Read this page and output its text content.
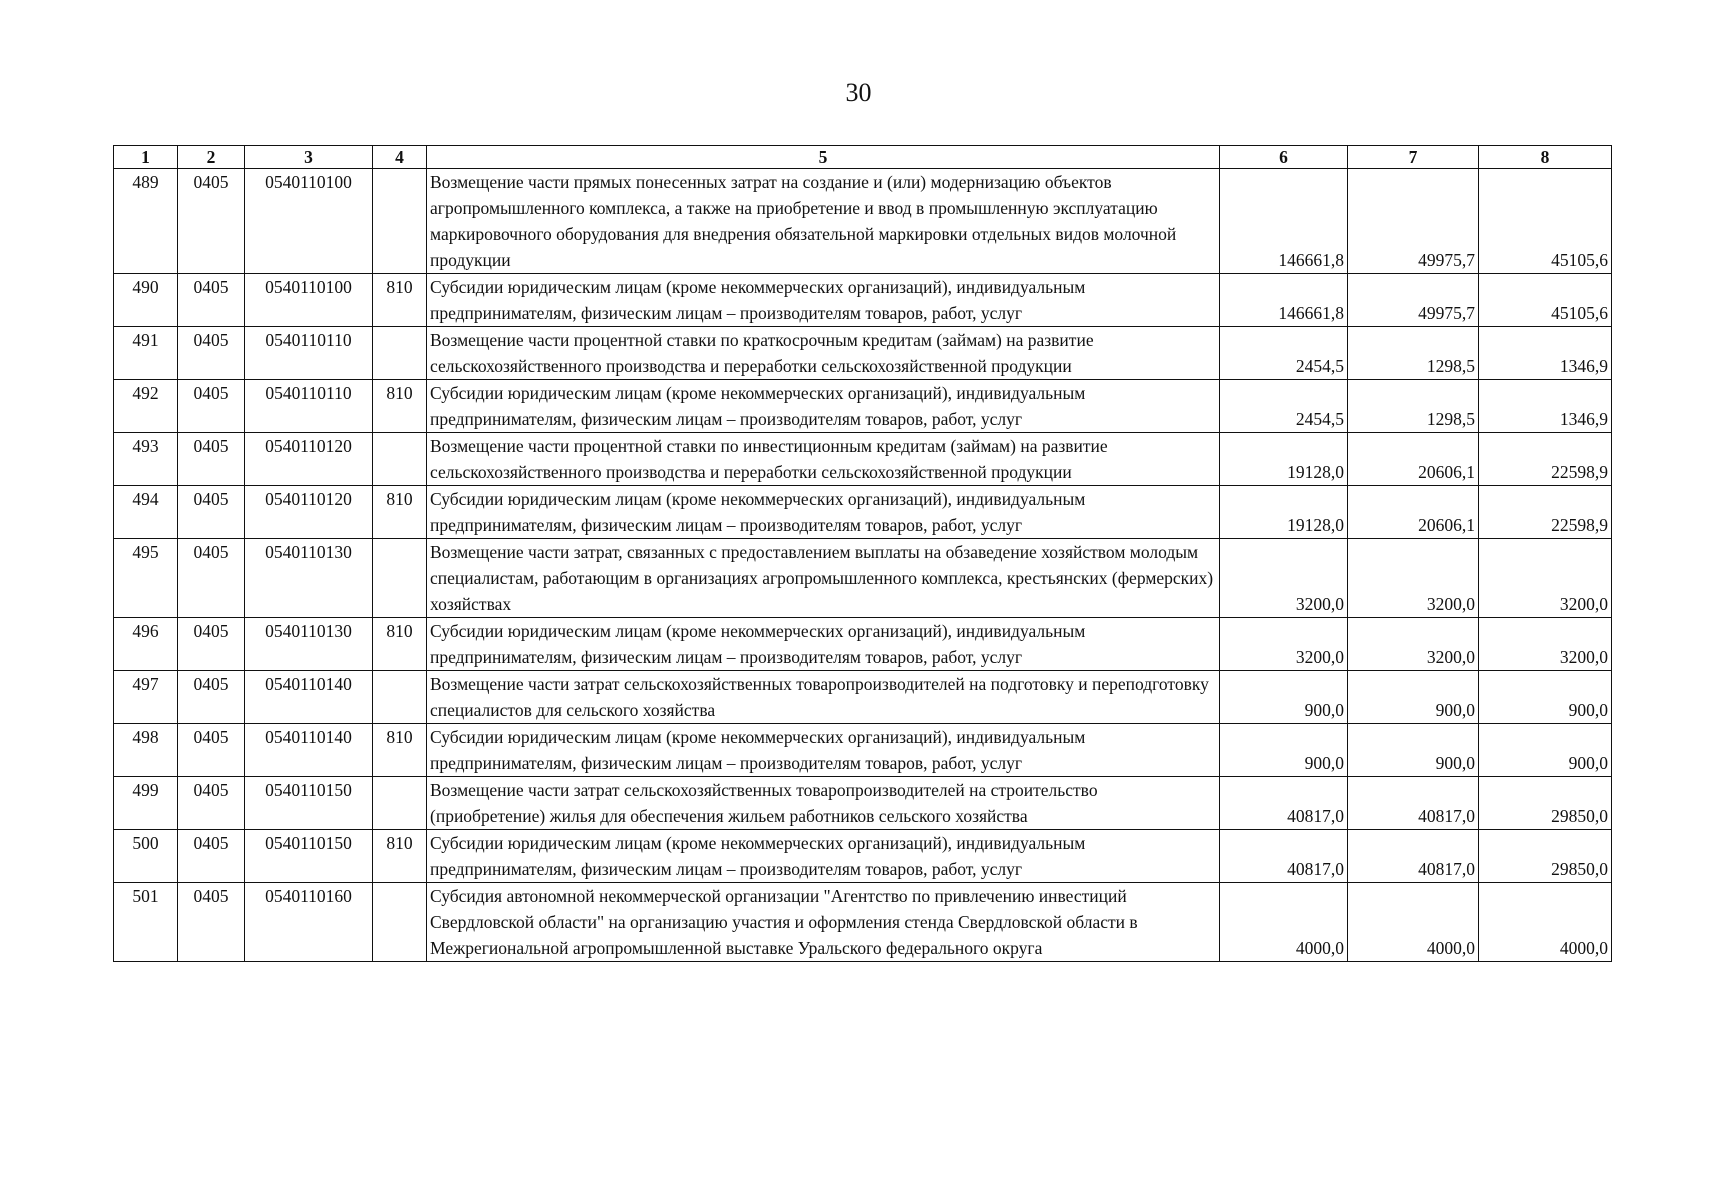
30
1	2	3	4	5	6	7	8
489	0405	0540110100		Возмещение части прямых понесенных затрат на создание и (или) модернизацию объектов агропромышленного комплекса, а также на приобретение и ввод в промышленную эксплуатацию маркировочного оборудования для внедрения обязательной маркировки отдельных видов молочной продукции	146661,8	49975,7	45105,6
490	0405	0540110100	810	Субсидии юридическим лицам (кроме некоммерческих организаций), индивидуальным предпринимателям, физическим лицам – производителям товаров, работ, услуг	146661,8	49975,7	45105,6
491	0405	0540110110		Возмещение части процентной ставки по краткосрочным кредитам (займам) на развитие сельскохозяйственного производства и переработки сельскохозяйственной продукции	2454,5	1298,5	1346,9
492	0405	0540110110	810	Субсидии юридическим лицам (кроме некоммерческих организаций), индивидуальным предпринимателям, физическим лицам – производителям товаров, работ, услуг	2454,5	1298,5	1346,9
493	0405	0540110120		Возмещение части процентной ставки по инвестиционным кредитам (займам) на развитие сельскохозяйственного производства и переработки сельскохозяйственной продукции	19128,0	20606,1	22598,9
494	0405	0540110120	810	Субсидии юридическим лицам (кроме некоммерческих организаций), индивидуальным предпринимателям, физическим лицам – производителям товаров, работ, услуг	19128,0	20606,1	22598,9
495	0405	0540110130		Возмещение части затрат, связанных с предоставлением выплаты на обзаведение хозяйством молодым специалистам, работающим в организациях агропромышленного комплекса, крестьянских (фермерских) хозяйствах	3200,0	3200,0	3200,0
496	0405	0540110130	810	Субсидии юридическим лицам (кроме некоммерческих организаций), индивидуальным предпринимателям, физическим лицам – производителям товаров, работ, услуг	3200,0	3200,0	3200,0
497	0405	0540110140		Возмещение части затрат сельскохозяйственных товаропроизводителей на подготовку и переподготовку специалистов для сельского хозяйства	900,0	900,0	900,0
498	0405	0540110140	810	Субсидии юридическим лицам (кроме некоммерческих организаций), индивидуальным предпринимателям, физическим лицам – производителям товаров, работ, услуг	900,0	900,0	900,0
499	0405	0540110150		Возмещение части затрат сельскохозяйственных товаропроизводителей на строительство (приобретение) жилья для обеспечения жильем работников сельского хозяйства	40817,0	40817,0	29850,0
500	0405	0540110150	810	Субсидии юридическим лицам (кроме некоммерческих организаций), индивидуальным предпринимателям, физическим лицам – производителям товаров, работ, услуг	40817,0	40817,0	29850,0
501	0405	0540110160		Субсидия автономной некоммерческой организации "Агентство по привлечению инвестиций Свердловской области" на организацию участия и оформления стенда Свердловской области в Межрегиональной агропромышленной выставке Уральского федерального округа	4000,0	4000,0	4000,0
